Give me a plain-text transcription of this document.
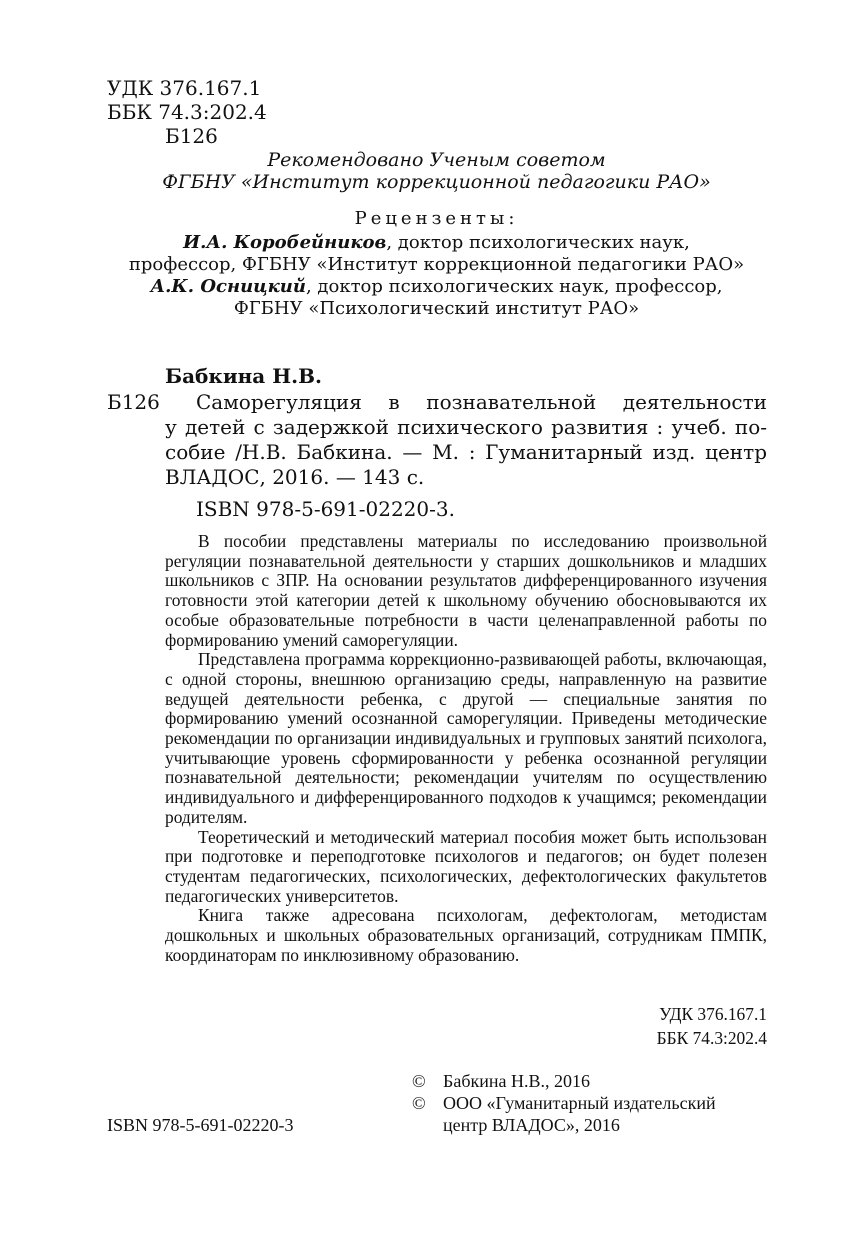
УДК 376.167.1
ББК 74.3:202.4
Б126
Рекомендовано Ученым советом
ФГБНУ «Институт коррекционной педагогики РАО»
Рецензенты:
И.А. Коробейников, доктор психологических наук,
профессор, ФГБНУ «Институт коррекционной педагогики РАО»
А.К. Осницкий, доктор психологических наук, профессор,
ФГБНУ «Психологический институт РАО»
Бабкина Н.В.
Б126 Саморегуляция в познавательной деятельности
у детей с задержкой психического развития : учеб. по-
собие /Н.В. Бабкина. — М. : Гуманитарный изд. центр
ВЛАДОС, 2016. — 143 с.
ISBN 978-5-691-02220-3.

В пособии представлены материалы по исследованию произвольной регуляции познавательной деятельности у старших дошкольников и младших школьников с ЗПР. На основании результатов дифференцированного изучения готовности этой категории детей к школьному обучению обосновываются их особые образовательные потребности в части целенаправленной работы по формированию умений саморегуляции.

Представлена программа коррекционно-развивающей работы, включающая, с одной стороны, внешнюю организацию среды, направленную на развитие ведущей деятельности ребенка, с другой — специальные занятия по формированию умений осознанной саморегуляции. Приведены методические рекомендации по организации индивидуальных и групповых занятий психолога, учитывающие уровень сформированности у ребенка осознанной регуляции познавательной деятельности; рекомендации учителям по осуществлению индивидуального и дифференцированного подходов к учащимся; рекомендации родителям.

Теоретический и методический материал пособия может быть использован при подготовке и переподготовке психологов и педагогов; он будет полезен студентам педагогических, психологических, дефектологических факультетов педагогических университетов.

Книга также адресована психологам, дефектологам, методистам дошкольных и школьных образовательных организаций, сотрудникам ПМПК, координаторам по инклюзивному образованию.

УДК 376.167.1
ББК 74.3:202.4
© Бабкина Н.В., 2016
© ООО «Гуманитарный издательский
центр ВЛАДОС», 2016
ISBN 978-5-691-02220-3
